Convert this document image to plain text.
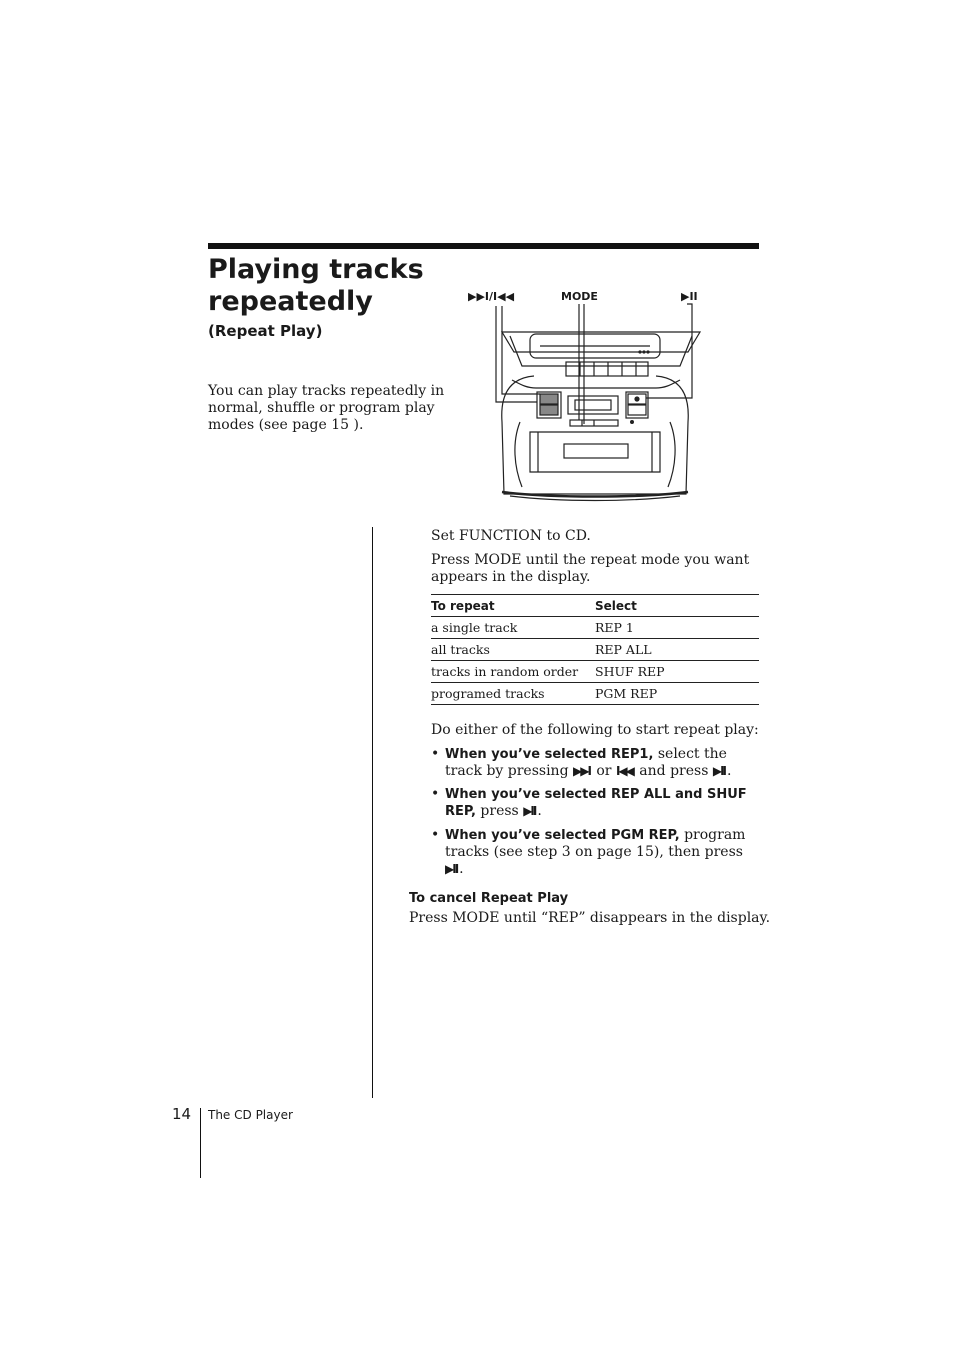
Playing tracks repeatedly
(Repeat Play)
You can play tracks repeatedly in normal, shuffle or program play modes (see page 15 ).
▶▶I/I◀◀	MODE	▶II
Set FUNCTION to CD.
Press MODE until the repeat mode you want appears in the display.
To repeat	Select
a single track	REP 1
all tracks	REP ALL
tracks in random order	SHUF REP
programed tracks	PGM REP
Do either of the following to start repeat play:
• When you’ve selected REP1, select the track by pressing ▶▶I or I◀◀ and press ▶II .
• When you’ve selected REP ALL and SHUF REP, press ▶II .
• When you’ve selected PGM REP, program tracks (see step 3 on page 15), then press ▶II .
To cancel Repeat Play
Press MODE until “REP” disappears in the display.
14 The CD Player
